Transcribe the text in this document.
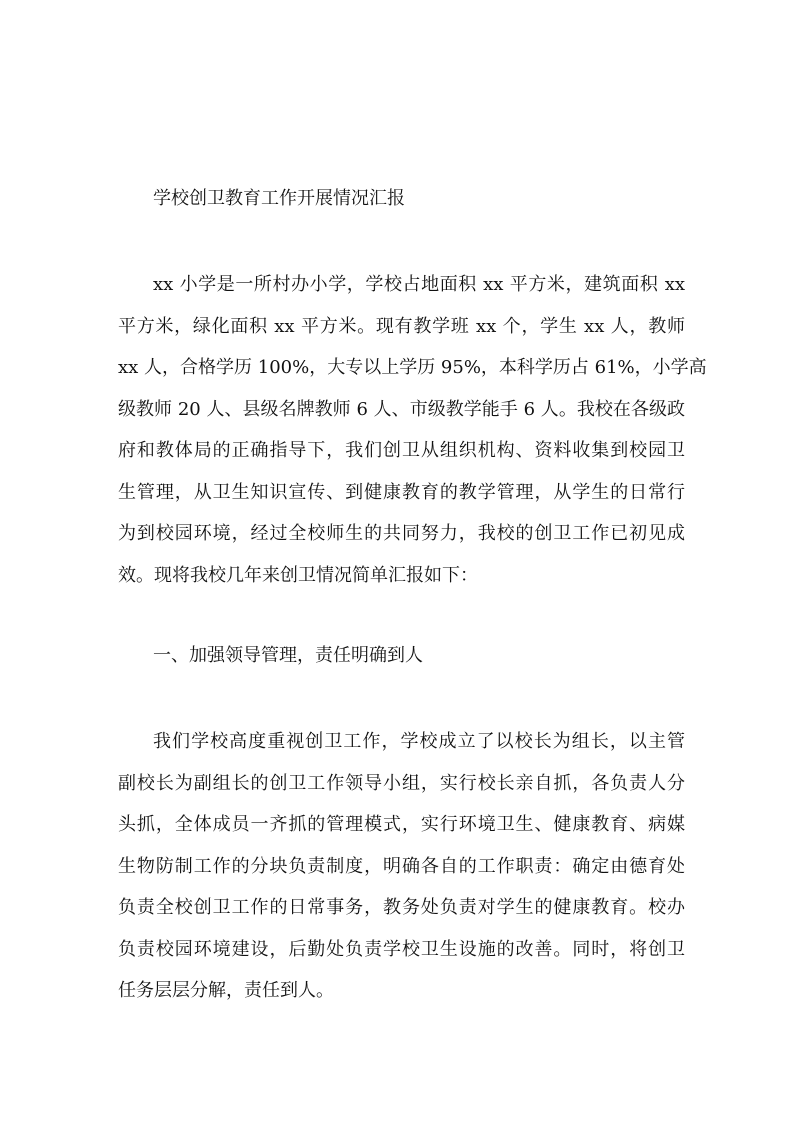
学校创卫教育工作开展情况汇报
xx 小学是一所村办小学，学校占地面积 xx 平方米，建筑面积 xx
平方米，绿化面积 xx 平方米。现有教学班 xx 个，学生 xx 人，教师
xx 人，合格学历 100%，大专以上学历 95%，本科学历占 61%，小学高
级教师 20 人、县级名牌教师 6 人、市级教学能手 6 人。我校在各级政
府和教体局的正确指导下，我们创卫从组织机构、资料收集到校园卫
生管理，从卫生知识宣传、到健康教育的教学管理，从学生的日常行
为到校园环境，经过全校师生的共同努力，我校的创卫工作已初见成
效。现将我校几年来创卫情况简单汇报如下：
一、加强领导管理，责任明确到人
我们学校高度重视创卫工作，学校成立了以校长为组长，以主管
副校长为副组长的创卫工作领导小组，实行校长亲自抓，各负责人分
头抓，全体成员一齐抓的管理模式，实行环境卫生、健康教育、病媒
生物防制工作的分块负责制度，明确各自的工作职责：确定由德育处
负责全校创卫工作的日常事务，教务处负责对学生的健康教育。校办
负责校园环境建设，后勤处负责学校卫生设施的改善。同时，将创卫
任务层层分解，责任到人。
